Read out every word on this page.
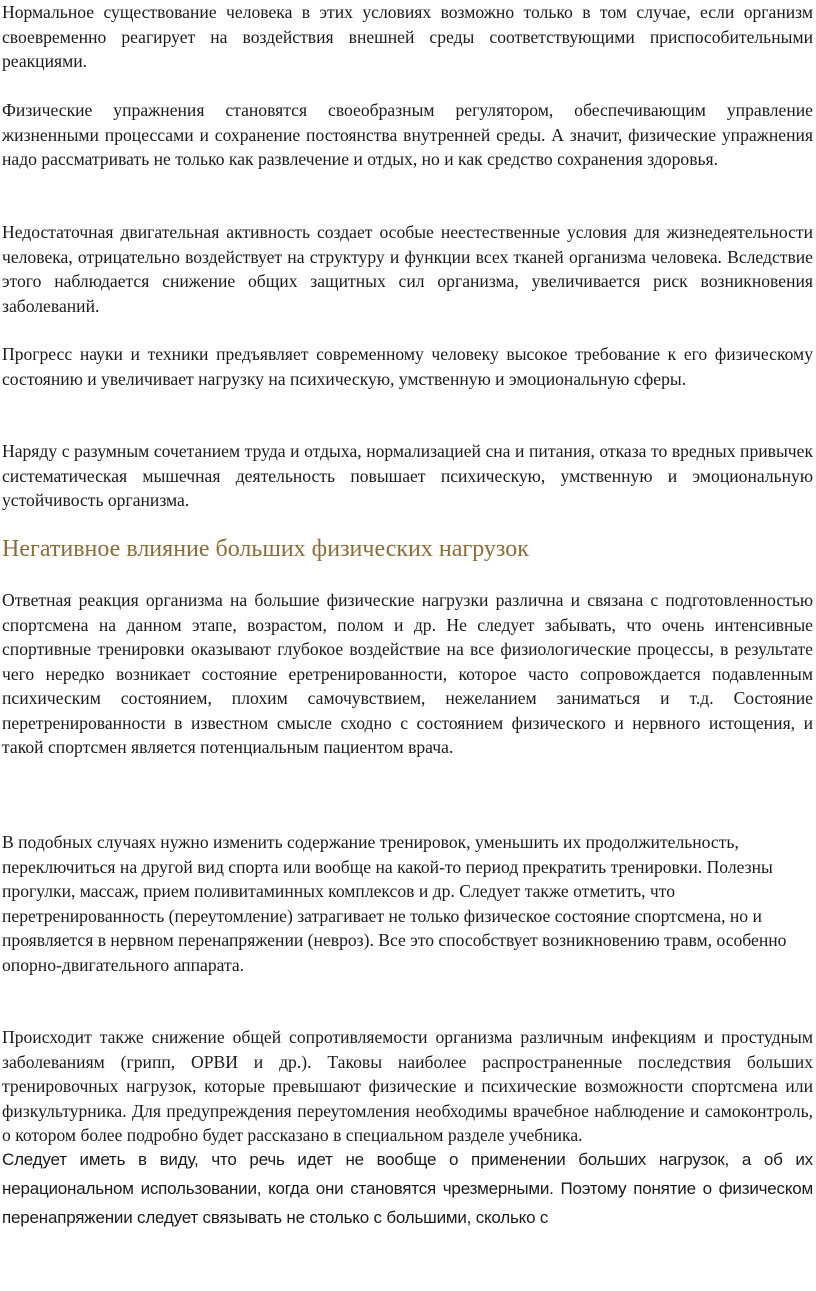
Нормальное существование человека в этих условиях возможно только в том случае, если организм своевременно реагирует на воздействия внешней среды соответствующими приспособительными реакциями.

Физические упражнения становятся своеобразным регулятором, обеспечивающим управление жизненными процессами и сохранение постоянства внутренней среды. А значит, физические упражнения надо рассматривать не только как развлечение и отдых, но и как средство сохранения здоровья.

Недостаточная двигательная активность создает особые неестественные условия для жизнедеятельности человека, отрицательно воздействует на структуру и функции всех тканей организма человека. Вследствие этого наблюдается снижение общих защитных сил организма, увеличивается риск возникновения заболеваний.

Прогресс науки и техники предъявляет современному человеку высокое требование к его физическому состоянию и увеличивает нагрузку на психическую, умственную и эмоциональную сферы.

Наряду с разумным сочетанием труда и отдыха, нормализацией сна и питания, отказа то вредных привычек систематическая мышечная деятельность повышает психическую, умственную и эмоциональную устойчивость организма.

Негативное влияние больших физических нагрузок

Ответная реакция организма на большие физические нагрузки различна и связана с подготовленностью спортсмена на данном этапе, возрастом, полом и др. Не следует забывать, что очень интенсивные спортивные тренировки оказывают глубокое воздействие на все физиологические процессы, в результате чего нередко возникает состояние еретренированности, которое часто сопровождается подавленным психическим состоянием, плохим самочувствием, нежеланием заниматься и т.д. Состояние перетренированности в известном смысле сходно с состоянием физического и нервного истощения, и такой спортсмен является потенциальным пациентом врача.

В подобных случаях нужно изменить содержание тренировок, уменьшить их продолжительность, переключиться на другой вид спорта или вообще на какой-то период прекратить тренировки. Полезны прогулки, массаж, прием поливитаминных комплексов и др. Следует также отметить, что перетренированность (переутомление) затрагивает не только физическое состояние спортсмена, но и проявляется в нервном перенапряжении (невроз). Все это способствует возникновению травм, особенно опорно-двигательного аппарата.

Происходит также снижение общей сопротивляемости организма различным инфекциям и простудным заболеваниям (грипп, ОРВИ и др.). Таковы наиболее распространенные последствия больших тренировочных нагрузок, которые превышают физические и психические возможности спортсмена или физкультурника. Для предупреждения переутомления необходимы врачебное наблюдение и самоконтроль, о котором более подробно будет рассказано в специальном разделе учебника.

Следует иметь в виду, что речь идет не вообще о применении больших нагрузок, а об их нерациональном использовании, когда они становятся чрезмерными. Поэтому понятие о физическом перенапряжении следует связывать не столько с большими, сколько с
